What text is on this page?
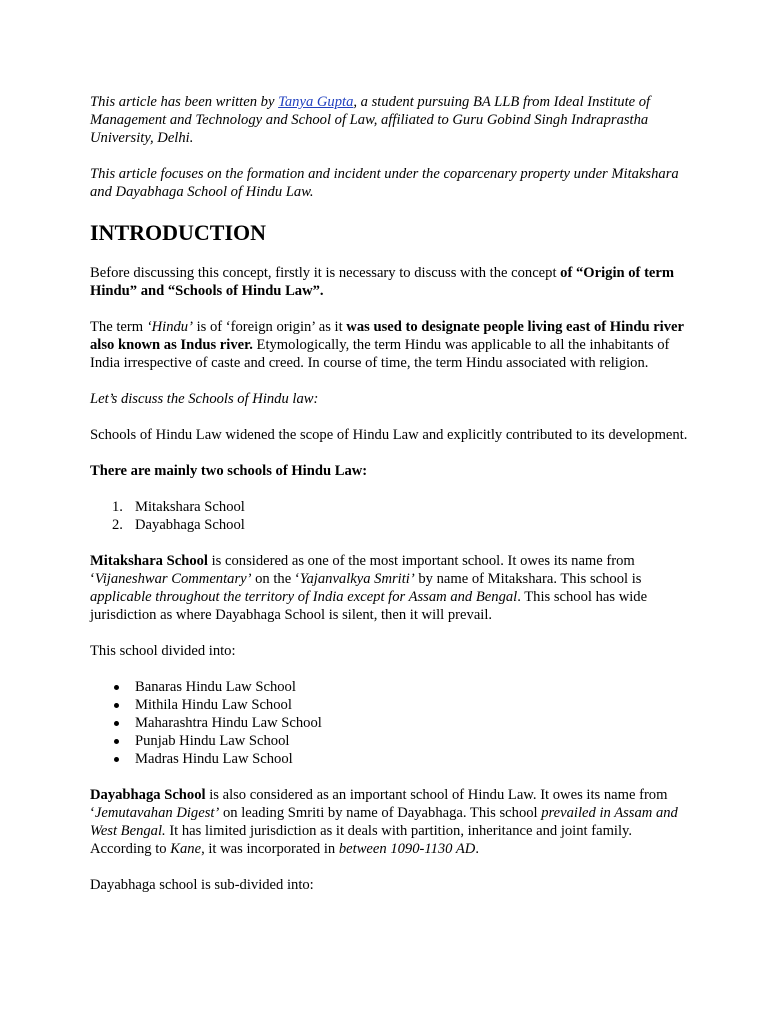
This article has been written by Tanya Gupta, a student pursuing BA LLB from Ideal Institute of Management and Technology and School of Law, affiliated to Guru Gobind Singh Indraprastha University, Delhi.

This article focuses on the formation and incident under the coparcenary property under Mitakshara and Dayabhaga School of Hindu Law.

INTRODUCTION

Before discussing this concept, firstly it is necessary to discuss with the concept of “Origin of term Hindu” and “Schools of Hindu Law”.

The term ‘Hindu’ is of ‘foreign origin’ as it was used to designate people living east of Hindu river also known as Indus river. Etymologically, the term Hindu was applicable to all the inhabitants of India irrespective of caste and creed. In course of time, the term Hindu associated with religion.

Let’s discuss the Schools of Hindu law:

Schools of Hindu Law widened the scope of Hindu Law and explicitly contributed to its development.

There are mainly two schools of Hindu Law:

1. Mitakshara School
2. Dayabhaga School

Mitakshara School is considered as one of the most important school. It owes its name from ‘Vijaneshwar Commentary’ on the ‘Yajanvalkya Smriti’ by name of Mitakshara. This school is applicable throughout the territory of India except for Assam and Bengal. This school has wide jurisdiction as where Dayabhaga School is silent, then it will prevail.

This school divided into:

Banaras Hindu Law School
Mithila Hindu Law School
Maharashtra Hindu Law School
Punjab Hindu Law School
Madras Hindu Law School

Dayabhaga School is also considered as an important school of Hindu Law. It owes its name from ‘Jemutavahan Digest’ on leading Smriti by name of Dayabhaga. This school prevailed in Assam and West Bengal. It has limited jurisdiction as it deals with partition, inheritance and joint family. According to Kane, it was incorporated in between 1090-1130 AD.

Dayabhaga school is sub-divided into:
